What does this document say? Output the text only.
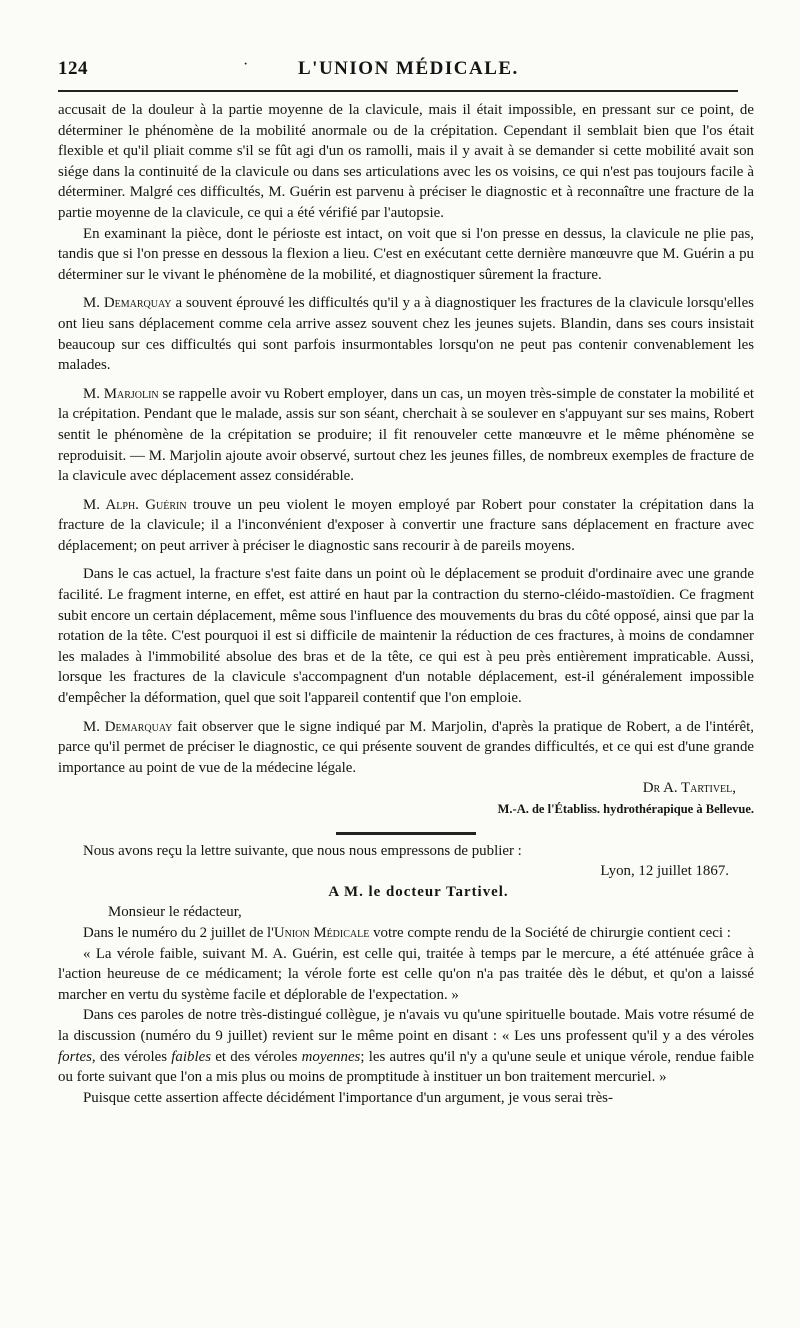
124	·	L'UNION MÉDICALE.

accusait de la douleur à la partie moyenne de la clavicule, mais il était impossible, en pressant sur ce point, de déterminer le phénomène de la mobilité anormale ou de la crépitation. Cependant il semblait bien que l'os était flexible et qu'il pliait comme s'il se fût agi d'un os ramolli, mais il y avait à se demander si cette mobilité avait son siége dans la continuité de la clavicule ou dans ses articulations avec les os voisins, ce qui n'est pas toujours facile à déterminer. Malgré ces difficultés, M. Guérin est parvenu à préciser le diagnostic et à reconnaître une fracture de la partie moyenne de la clavicule, ce qui a été vérifié par l'autopsie.

En examinant la pièce, dont le périoste est intact, on voit que si l'on presse en dessus, la clavicule ne plie pas, tandis que si l'on presse en dessous la flexion a lieu. C'est en exécutant cette dernière manœuvre que M. Guérin a pu déterminer sur le vivant le phénomène de la mobilité, et diagnostiquer sûrement la fracture.

M. Demarquay a souvent éprouvé les difficultés qu'il y a à diagnostiquer les fractures de la clavicule lorsqu'elles ont lieu sans déplacement comme cela arrive assez souvent chez les jeunes sujets. Blandin, dans ses cours insistait beaucoup sur ces difficultés qui sont parfois insurmontables lorsqu'on ne peut pas contenir convenablement les malades.

M. Marjolin se rappelle avoir vu Robert employer, dans un cas, un moyen très-simple de constater la mobilité et la crépitation. Pendant que le malade, assis sur son séant, cherchait à se soulever en s'appuyant sur ses mains, Robert sentit le phénomène de la crépitation se produire; il fit renouveler cette manœuvre et le même phénomène se reproduisit. — M. Marjolin ajoute avoir observé, surtout chez les jeunes filles, de nombreux exemples de fracture de la clavicule avec déplacement assez considérable.

M. Alph. Guérin trouve un peu violent le moyen employé par Robert pour constater la crépitation dans la fracture de la clavicule; il a l'inconvénient d'exposer à convertir une fracture sans déplacement en fracture avec déplacement; on peut arriver à préciser le diagnostic sans recourir à de pareils moyens.

Dans le cas actuel, la fracture s'est faite dans un point où le déplacement se produit d'ordinaire avec une grande facilité. Le fragment interne, en effet, est attiré en haut par la contraction du sterno-cléido-mastoïdien. Ce fragment subit encore un certain déplacement, même sous l'influence des mouvements du bras du côté opposé, ainsi que par la rotation de la tête. C'est pourquoi il est si difficile de maintenir la réduction de ces fractures, à moins de condamner les malades à l'immobilité absolue des bras et de la tête, ce qui est à peu près entièrement impraticable. Aussi, lorsque les fractures de la clavicule s'accompagnent d'un notable déplacement, est-il généralement impossible d'empêcher la déformation, quel que soit l'appareil contentif que l'on emploie.

M. Demarquay fait observer que le signe indiqué par M. Marjolin, d'après la pratique de Robert, a de l'intérêt, parce qu'il permet de préciser le diagnostic, ce qui présente souvent de grandes difficultés, et ce qui est d'une grande importance au point de vue de la médecine légale.

Dr A. Tartivel,

M.-A. de l'Établiss. hydrothérapique à Bellevue.

Nous avons reçu la lettre suivante, que nous nous empressons de publier :

Lyon, 12 juillet 1867.

A M. le docteur Tartivel.

Monsieur le rédacteur,

Dans le numéro du 2 juillet de l'Union Médicale votre compte rendu de la Société de chirurgie contient ceci :

« La vérole faible, suivant M. A. Guérin, est celle qui, traitée à temps par le mercure, a été atténuée grâce à l'action heureuse de ce médicament; la vérole forte est celle qu'on n'a pas traitée dès le début, et qu'on a laissé marcher en vertu du système facile et déplorable de l'expectation. »

Dans ces paroles de notre très-distingué collègue, je n'avais vu qu'une spirituelle boutade. Mais votre résumé de la discussion (numéro du 9 juillet) revient sur le même point en disant : « Les uns professent qu'il y a des véroles fortes, des véroles faibles et des véroles moyennes; les autres qu'il n'y a qu'une seule et unique vérole, rendue faible ou forte suivant que l'on a mis plus ou moins de promptitude à instituer un bon traitement mercuriel. »

Puisque cette assertion affecte décidément l'importance d'un argument, je vous serai très-
